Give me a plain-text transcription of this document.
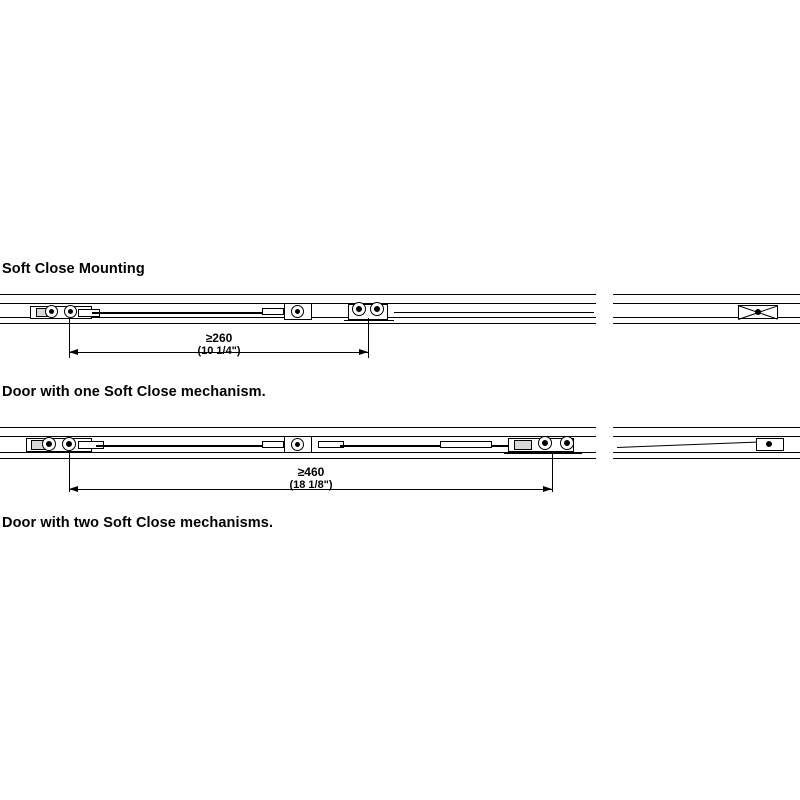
Soft Close Mounting
≥260
(10 1/4")
Door with one Soft Close mechanism.
≥460
(18 1/8")
Door with two Soft Close mechanisms.
